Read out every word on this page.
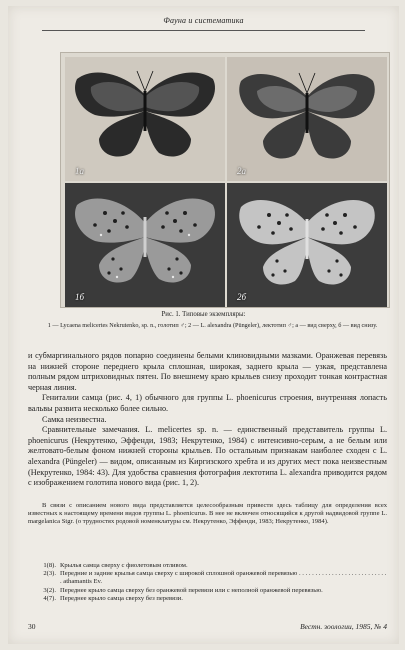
Фауна и систематика
1a	2a
1б	2б
Рис. 1. Типовые экземпляры:
1 — Lycaena melicertes Nekrutenko, sp. n., голотип ♂; 2 — L. alexandra (Püngeler), лектотип ♂; а — вид сверху, б — вид снизу.

и субмаргинального рядов попарно соединены белыми клиновидными мазками. Оранжевая перевязь на нижней стороне переднего крыла сплошная, широкая, заднего крыла — узкая, представлена полным рядом штриховидных пятен. По внешнему краю крыльев снизу проходит тонкая контрастная черная линия.

Гениталии самца (рис. 4, 1) обычного для группы L. phoenicurus строения, внутренняя лопасть вальвы развита несколько более сильно.

Самка неизвестна.

Сравнительные замечания. L. melicertes sp. n. — единственный представитель группы L. phoenicurus (Некрутенко, Эффенди, 1983; Некрутенко, 1984) с интенсивно-серым, а не белым или желтовато-белым фоном нижней стороны крыльев. По остальным признакам наиболее сходен с L. alexandra (Püngeler) — видом, описанным из Киргизского хребта и из других мест пока неизвестным (Некрутенко, 1984: 43). Для удобства сравнения фотография лектотипа L. alexandra приводится рядом с изображением голотипа нового вида (рис. 1, 2).

В связи с описанием нового вида представляется целесообразным привести здесь таблицу для определения всех известных к настоящему времени видов группы L. phoenicurus. В нее не включен относящийся к другой надвидовой группе L. margelanica Stgr. (о трудностях родовой номенклатуры см. Некрутенко, Эффенди, 1983; Некрутенко, 1984).
1(8). Крылья самца сверху с фиолетовым отливом.
2(3). Передние и задние крылья самца сверху с широкой сплошной оранжевой перевязью . . . . . . . . . . . . . . . . . . . . . . . . . . . . athamantis Ev.
3(2). Переднее крыло самца сверху без оранжевой перевязи или с неполной оранжевой перевязью.
4(7). Переднее крыло самца сверху без перевязи.
30	Вестн. зоологии, 1985, № 4
